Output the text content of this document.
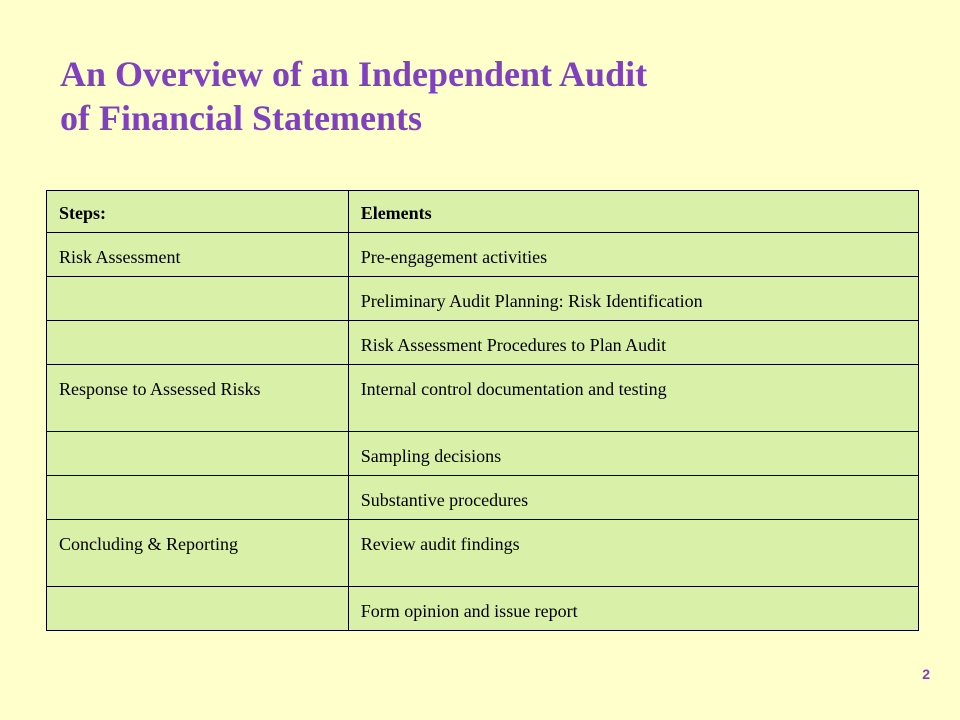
An Overview of an Independent Audit
of Financial Statements
Steps:	Elements
Risk Assessment	Pre-engagement activities
	Preliminary Audit Planning: Risk Identification
	Risk Assessment Procedures to Plan Audit
Response to Assessed Risks	Internal control documentation and testing
	Sampling decisions
	Substantive procedures
Concluding & Reporting	Review audit findings
	Form opinion and issue report
2
